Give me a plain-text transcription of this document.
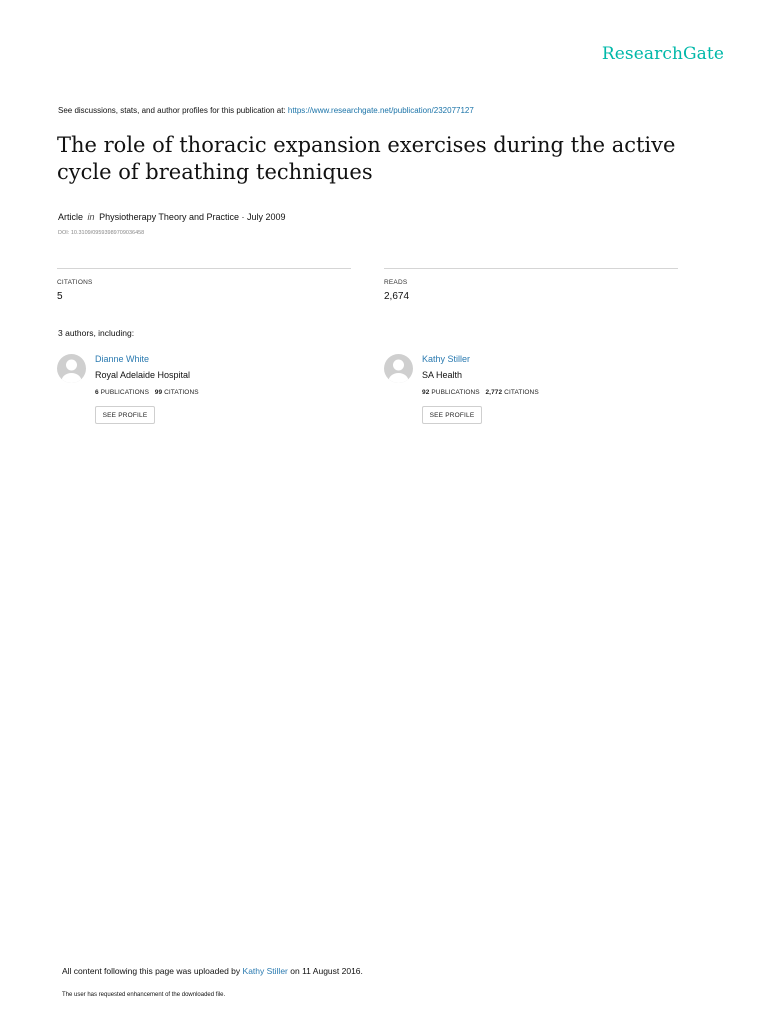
ResearchGate
See discussions, stats, and author profiles for this publication at: https://www.researchgate.net/publication/232077127
The role of thoracic expansion exercises during the active cycle of breathing techniques
Article in Physiotherapy Theory and Practice · July 2009
DOI: 10.3109/09593989709036458
CITATIONS
5
READS
2,674
3 authors, including:
Dianne White
Royal Adelaide Hospital
6 PUBLICATIONS 99 CITATIONS
SEE PROFILE
Kathy Stiller
SA Health
92 PUBLICATIONS 2,772 CITATIONS
SEE PROFILE
All content following this page was uploaded by Kathy Stiller on 11 August 2016.
The user has requested enhancement of the downloaded file.
